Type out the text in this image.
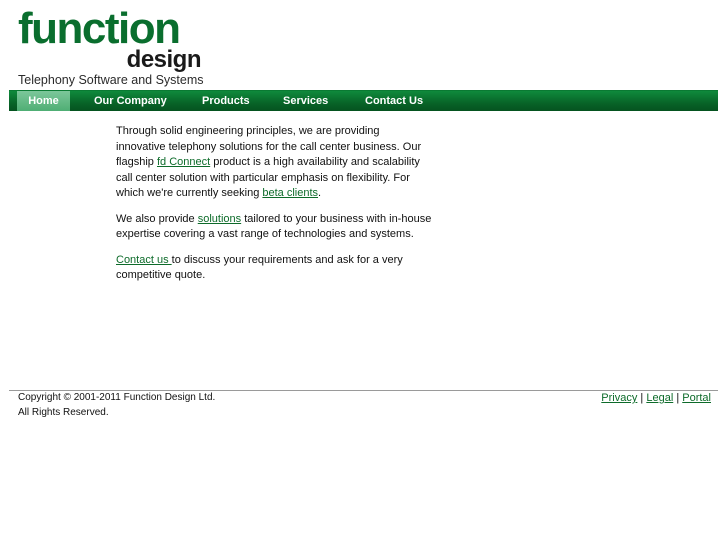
function
design
Telephony Software and Systems
Home	Our Company	Products	Services	Contact Us

Through solid engineering principles, we are providing innovative telephony solutions for the call center business. Our flagship fd Connect product is a high availability and scalability call center solution with particular emphasis on flexibility. For which we're currently seeking beta clients.

We also provide solutions tailored to your business with in-house expertise covering a vast range of technologies and systems.

Contact us to discuss your requirements and ask for a very competitive quote.

Copyright © 2001-2011 Function Design Ltd.
All Rights Reserved.
Privacy | Legal | Portal
